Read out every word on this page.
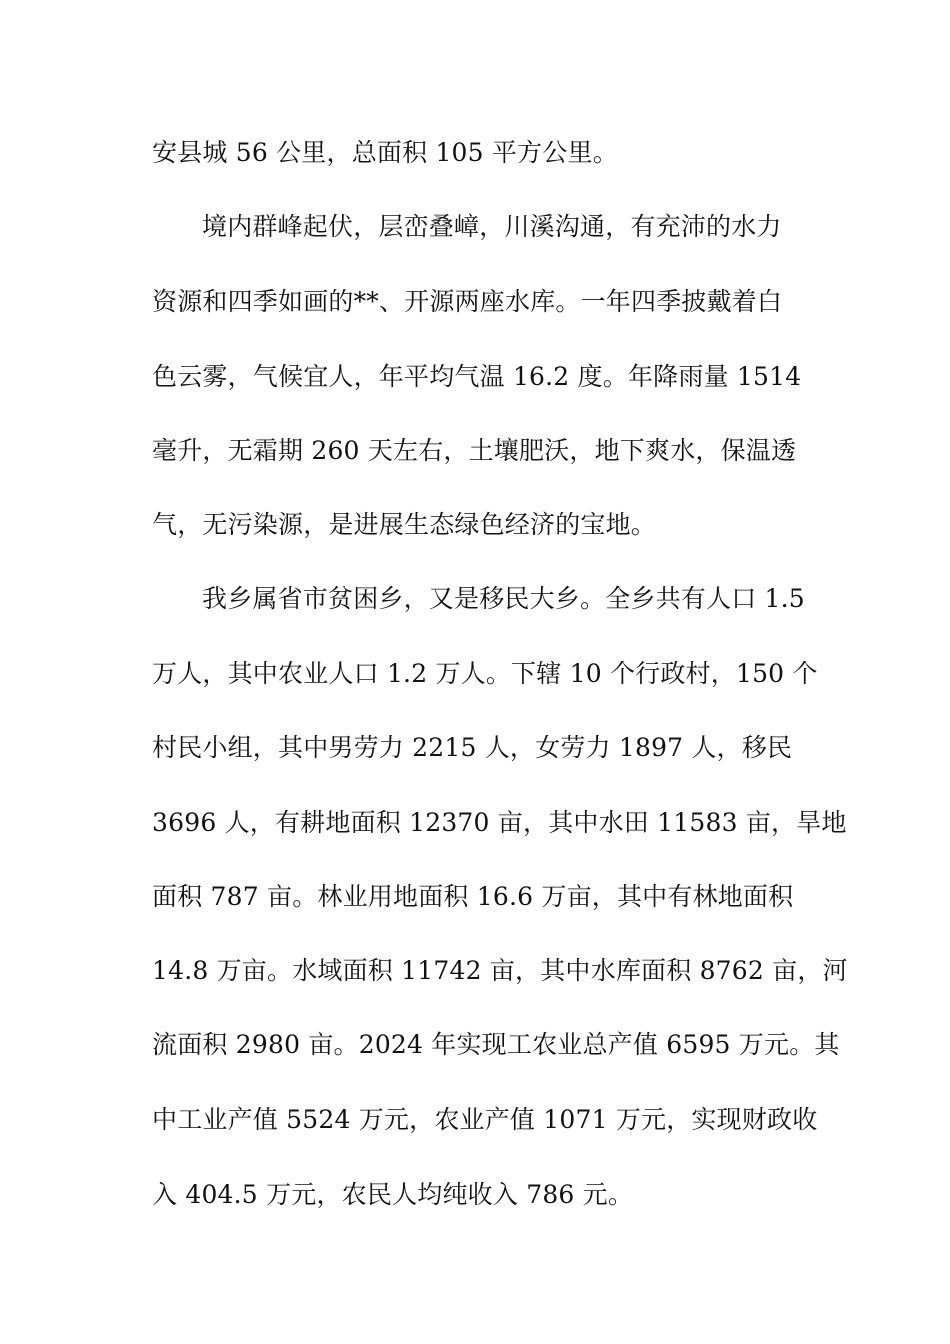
安县城 56 公里，总面积 105 平方公里。

境内群峰起伏，层峦叠嶂，川溪沟通，有充沛的水力

资源和四季如画的**、开源两座水库。一年四季披戴着白

色云雾，气候宜人，年平均气温 16.2 度。年降雨量 1514

毫升，无霜期 260 天左右，土壤肥沃，地下爽水，保温透

气，无污染源，是进展生态绿色经济的宝地。

我乡属省市贫困乡，又是移民大乡。全乡共有人口 1.5

万人，其中农业人口 1.2 万人。下辖 10 个行政村，150 个

村民小组，其中男劳力 2215 人，女劳力 1897 人，移民

3696 人，有耕地面积 12370 亩，其中水田 11583 亩，旱地

面积 787 亩。林业用地面积 16.6 万亩，其中有林地面积

14.8 万亩。水域面积 11742 亩，其中水库面积 8762 亩，河

流面积 2980 亩。2024 年实现工农业总产值 6595 万元。其

中工业产值 5524 万元，农业产值 1071 万元，实现财政收

入 404.5 万元，农民人均纯收入 786 元。
